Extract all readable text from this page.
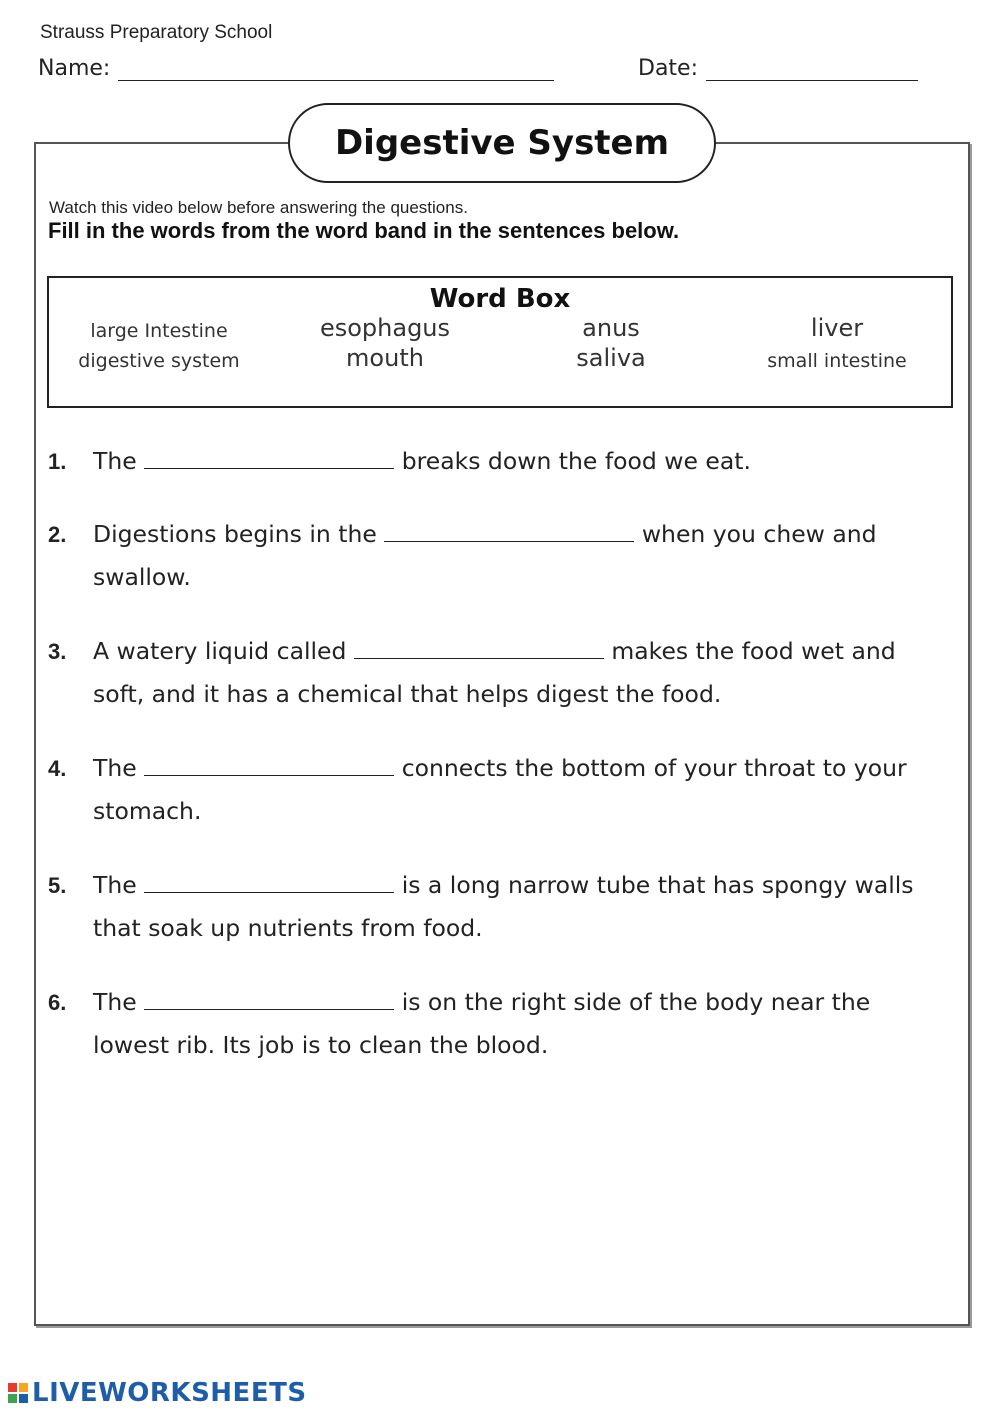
Strauss Preparatory School
Name:	Date:
Digestive System
Watch this video below before answering the questions.
Fill in the words from the word band in the sentences below.
Word Box
large Intestine	esophagus	anus	liver
digestive system	mouth	saliva	small intestine
1. The	breaks down the food we eat.
2. Digestions begins in the	when you chew and
swallow.
3. A watery liquid called	makes the food wet and
soft, and it has a chemical that helps digest the food.
4. The	connects the bottom of your throat to your
stomach.
5. The	is a long narrow tube that has spongy walls
that soak up nutrients from food.
6. The	is on the right side of the body near the
lowest rib. Its job is to clean the blood.
LIVEWORKSHEETS
